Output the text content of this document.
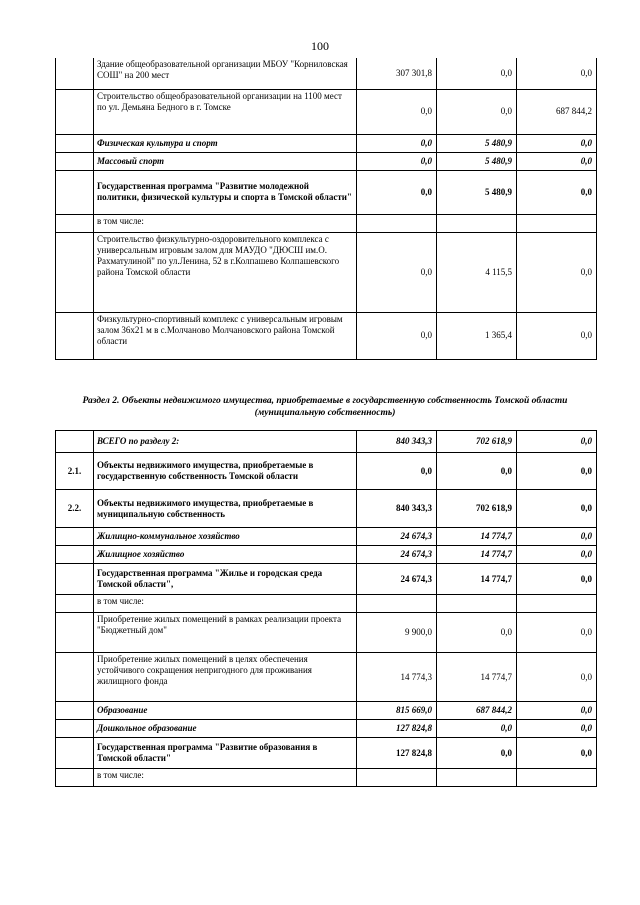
100
	Здание общеобразовательной организации МБОУ "Корниловская СОШ" на 200 мест	307 301,8	0,0	0,0
	Строительство общеобразовательной организации на 1100 мест по ул. Демьяна Бедного в г. Томске	0,0	0,0	687 844,2
	Физическая культура и спорт	0,0	5 480,9	0,0
	Массовый спорт	0,0	5 480,9	0,0
	Государственная программа "Развитие молодежной политики, физической культуры и спорта в Томской области"	0,0	5 480,9	0,0
	в том числе:			
	Строительство физкультурно-оздоровительного комплекса с универсальным игровым залом для МАУДО "ДЮСШ им.О. Рахматулиной" по ул.Ленина, 52 в г.Колпашево Колпашевского района Томской области	0,0	4 115,5	0,0
	Физкультурно-спортивный комплекс с универсальным игровым залом 36х21 м в с.Молчаново Молчановского района Томской области	0,0	1 365,4	0,0
Раздел 2. Объекты недвижимого имущества, приобретаемые в государственную собственность Томской области (муниципальную собственность)
	ВСЕГО по разделу 2:	840 343,3	702 618,9	0,0
2.1.	Объекты недвижимого имущества, приобретаемые в государственную собственность Томской области	0,0	0,0	0,0
2.2.	Объекты недвижимого имущества, приобретаемые в муниципальную собственность	840 343,3	702 618,9	0,0
	Жилищно-коммунальное хозяйство	24 674,3	14 774,7	0,0
	Жилищное хозяйство	24 674,3	14 774,7	0,0
	Государственная программа "Жилье и городская среда Томской области",	24 674,3	14 774,7	0,0
	в том числе:			
	Приобретение жилых помещений в рамках реализации проекта "Бюджетный дом"	9 900,0	0,0	0,0
	Приобретение жилых помещений в целях обеспечения устойчивого сокращения непригодного для проживания жилищного фонда	14 774,3	14 774,7	0,0
	Образование	815 669,0	687 844,2	0,0
	Дошкольное образование	127 824,8	0,0	0,0
	Государственная программа "Развитие образования в Томской области"	127 824,8	0,0	0,0
	в том числе:			
